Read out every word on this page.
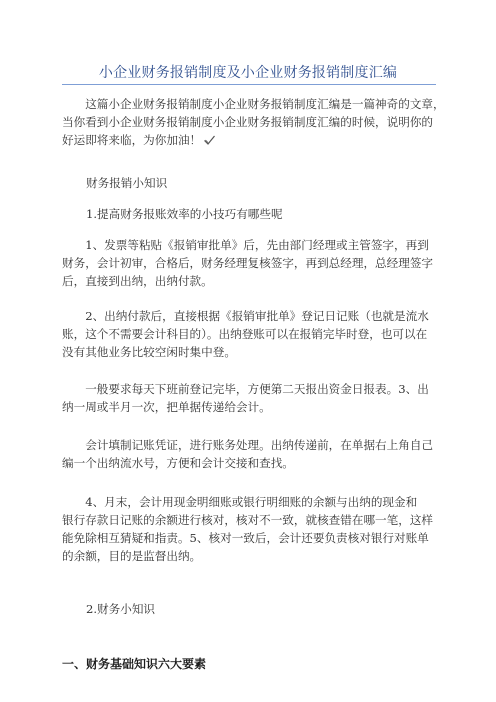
小企业财务报销制度及小企业财务报销制度汇编

这篇小企业财务报销制度小企业财务报销制度汇编是一篇神奇的文章，
当你看到小企业财务报销制度小企业财务报销制度汇编的时候，说明你的
好运即将来临，为你加油！

财务报销小知识
1.提高财务报账效率的小技巧有哪些呢

1、发票等粘贴《报销审批单》后，先由部门经理或主管签字，再到
财务，会计初审，合格后，财务经理复核签字，再到总经理，总经理签字
后，直接到出纳，出纳付款。

2、出纳付款后，直接根据《报销审批单》登记日记账（也就是流水
账，这个不需要会计科目的）。出纳登账可以在报销完毕时登，也可以在
没有其他业务比较空闲时集中登。

一般要求每天下班前登记完毕，方便第二天报出资金日报表。3、出
纳一周或半月一次，把单据传递给会计。

会计填制记账凭证，进行账务处理。出纳传递前，在单据右上角自己
编一个出纳流水号，方便和会计交接和查找。

4、月末，会计用现金明细账或银行明细账的余额与出纳的现金和
银行存款日记账的余额进行核对，核对不一致，就核查错在哪一笔，这样
能免除相互猜疑和指责。5、核对一致后，会计还要负责核对银行对账单
的余额，目的是监督出纳。

2.财务小知识
一、财务基础知识六大要素
